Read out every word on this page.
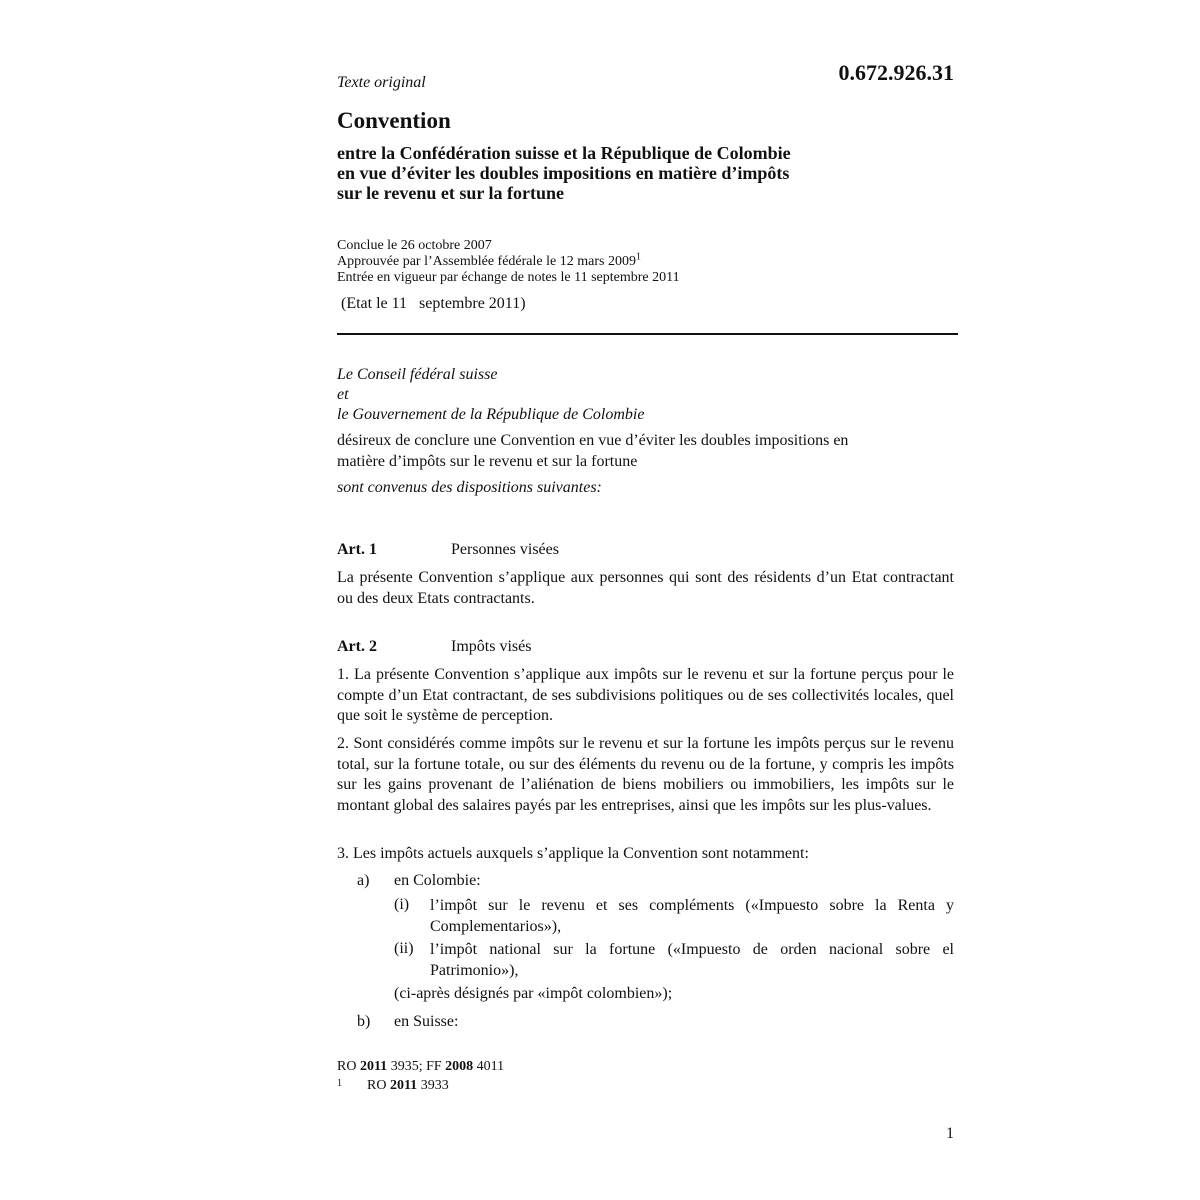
0.672.926.31
Texte original
Convention
entre la Confédération suisse et la République de Colombie
en vue d’éviter les doubles impositions en matière d’impôts
sur le revenu et sur la fortune
Conclue le 26 octobre 2007
Approuvée par l’Assemblée fédérale le 12 mars 2009$^1$
Entrée en vigueur par échange de notes le 11 septembre 2011
(Etat le 11   septembre 2011)
Le Conseil fédéral suisse
et
le Gouvernement de la République de Colombie
désireux de conclure une Convention en vue d’éviter les doubles impositions en
matière d’impôts sur le revenu et sur la fortune
sont convenus des dispositions suivantes:
Art. 1	Personnes visées
La présente Convention s’applique aux personnes qui sont des résidents d’un Etat contractant ou des deux Etats contractants.
Art. 2	Impôts visés
1. La présente Convention s’applique aux impôts sur le revenu et sur la fortune perçus pour le compte d’un Etat contractant, de ses subdivisions politiques ou de ses collectivités locales, quel que soit le système de perception.
2. Sont considérés comme impôts sur le revenu et sur la fortune les impôts perçus sur le revenu total, sur la fortune totale, ou sur des éléments du revenu ou de la fortune, y compris les impôts sur les gains provenant de l’aliénation de biens mobiliers ou immobiliers, les impôts sur le montant global des salaires payés par les entreprises, ainsi que les impôts sur les plus-values.
3. Les impôts actuels auxquels s’applique la Convention sont notamment:
a) en Colombie:
(i) l’impôt sur le revenu et ses compléments («Impuesto sobre la Renta y Complementarios»),
(ii) l’impôt national sur la fortune («Impuesto de orden nacional sobre el Patrimonio»),
(ci-après désignés par «impôt colombien»);
b) en Suisse:
RO 2011 3935; FF 2008 4011
1 RO 2011 3933
1
